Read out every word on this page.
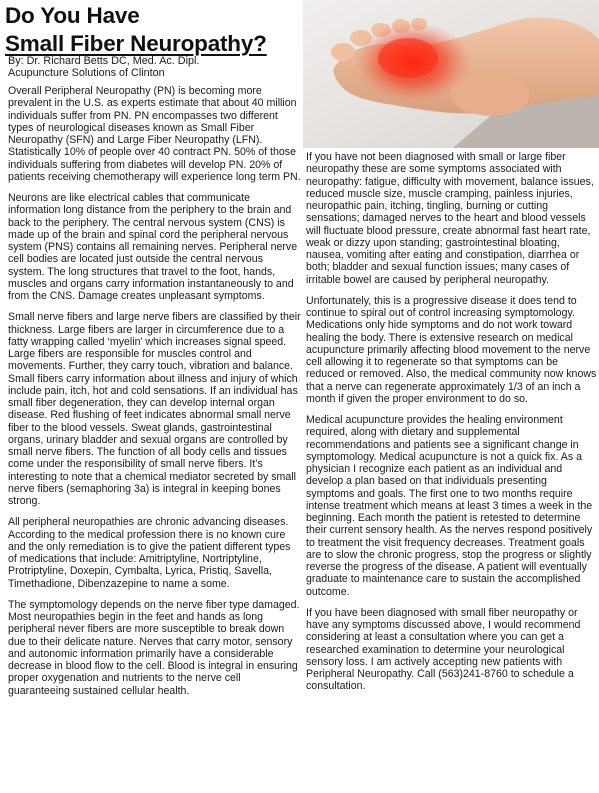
Do You Have
Small Fiber Neuropathy?
By: Dr. Richard Betts DC, Med. Ac. Dipl.
Acupuncture Solutions of Clinton

Overall Peripheral Neuropathy (PN) is becoming more prevalent in the U.S. as experts estimate that about 40 million individuals suffer from PN. PN encompasses two different types of neurological diseases known as Small Fiber Neuropathy (SFN) and Large Fiber Neuropathy (LFN). Statistically 10% of people over 40 contract PN. 50% of those individuals suffering from diabetes will develop PN. 20% of patients receiving chemotherapy will experience long term PN.

Neurons are like electrical cables that communicate information long distance from the periphery to the brain and back to the periphery. The central nervous system (CNS) is made up of the brain and spinal cord the peripheral nervous system (PNS) contains all remaining nerves. Peripheral nerve cell bodies are located just outside the central nervous system. The long structures that travel to the foot, hands, muscles and organs carry information instantaneously to and from the CNS. Damage creates unpleasant symptoms.

Small nerve fibers and large nerve fibers are classified by their thickness. Large fibers are larger in circumference due to a fatty wrapping called ‘myelin’ which increases signal speed. Large fibers are responsible for muscles control and movements. Further, they carry touch, vibration and balance. Small fibers carry information about illness and injury of which include pain, itch, hot and cold sensations. If an individual has small fiber degeneration, they can develop internal organ disease. Red flushing of feet indicates abnormal small nerve fiber to the blood vessels. Sweat glands, gastrointestinal organs, urinary bladder and sexual organs are controlled by small nerve fibers. The function of all body cells and tissues come under the responsibility of small nerve fibers. It’s interesting to note that a chemical mediator secreted by small nerve fibers (semaphoring 3a) is integral in keeping bones strong.

All peripheral neuropathies are chronic advancing diseases. According to the medical profession there is no known cure and the only remediation is to give the patient different types of medications that include: Amitriptyline, Nortriptyline, Protriptyline, Doxepin, Cymbalta, Lyrica, Pristiq, Savella, Timethadione, Dibenzazepine to name a some.

The symptomology depends on the nerve fiber type damaged. Most neuropathies begin in the feet and hands as long peripheral never fibers are more susceptible to break down due to their delicate nature. Nerves that carry motor, sensory and autonomic information primarily have a considerable decrease in blood flow to the cell. Blood is integral in ensuring proper oxygenation and nutrients to the nerve cell guaranteeing sustained cellular health.

If you have not been diagnosed with small or large fiber neuropathy these are some symptoms associated with neuropathy: fatigue, difficulty with movement, balance issues, reduced muscle size, muscle cramping, painless injuries, neuropathic pain, itching, tingling, burning or cutting sensations; damaged nerves to the heart and blood vessels will fluctuate blood pressure, create abnormal fast heart rate, weak or dizzy upon standing; gastrointestinal bloating, nausea, vomiting after eating and constipation, diarrhea or both; bladder and sexual function issues; many cases of irritable bowel are caused by peripheral neuropathy.

Unfortunately, this is a progressive disease it does tend to continue to spiral out of control increasing symptomology. Medications only hide symptoms and do not work toward healing the body. There is extensive research on medical acupuncture primarily affecting blood movement to the nerve cell allowing it to regenerate so that symptoms can be reduced or removed. Also, the medical community now knows that a nerve can regenerate approximately 1/3 of an inch a month if given the proper environment to do so.

Medical acupuncture provides the healing environment required, along with dietary and supplemental recommendations and patients see a significant change in symptomology. Medical acupuncture is not a quick fix. As a physician I recognize each patient as an individual and develop a plan based on that individuals presenting symptoms and goals. The first one to two months require intense treatment which means at least 3 times a week in the beginning. Each month the patient is retested to determine their current sensory health. As the nerves respond positively to treatment the visit frequency decreases. Treatment goals are to slow the chronic progress, stop the progress or slightly reverse the progress of the disease. A patient will eventually graduate to maintenance care to sustain the accomplished outcome.

If you have been diagnosed with small fiber neuropathy or have any symptoms discussed above, I would recommend considering at least a consultation where you can get a researched examination to determine your neurological sensory loss. I am actively accepting new patients with Peripheral Neuropathy. Call (563)241-8760 to schedule a consultation.
